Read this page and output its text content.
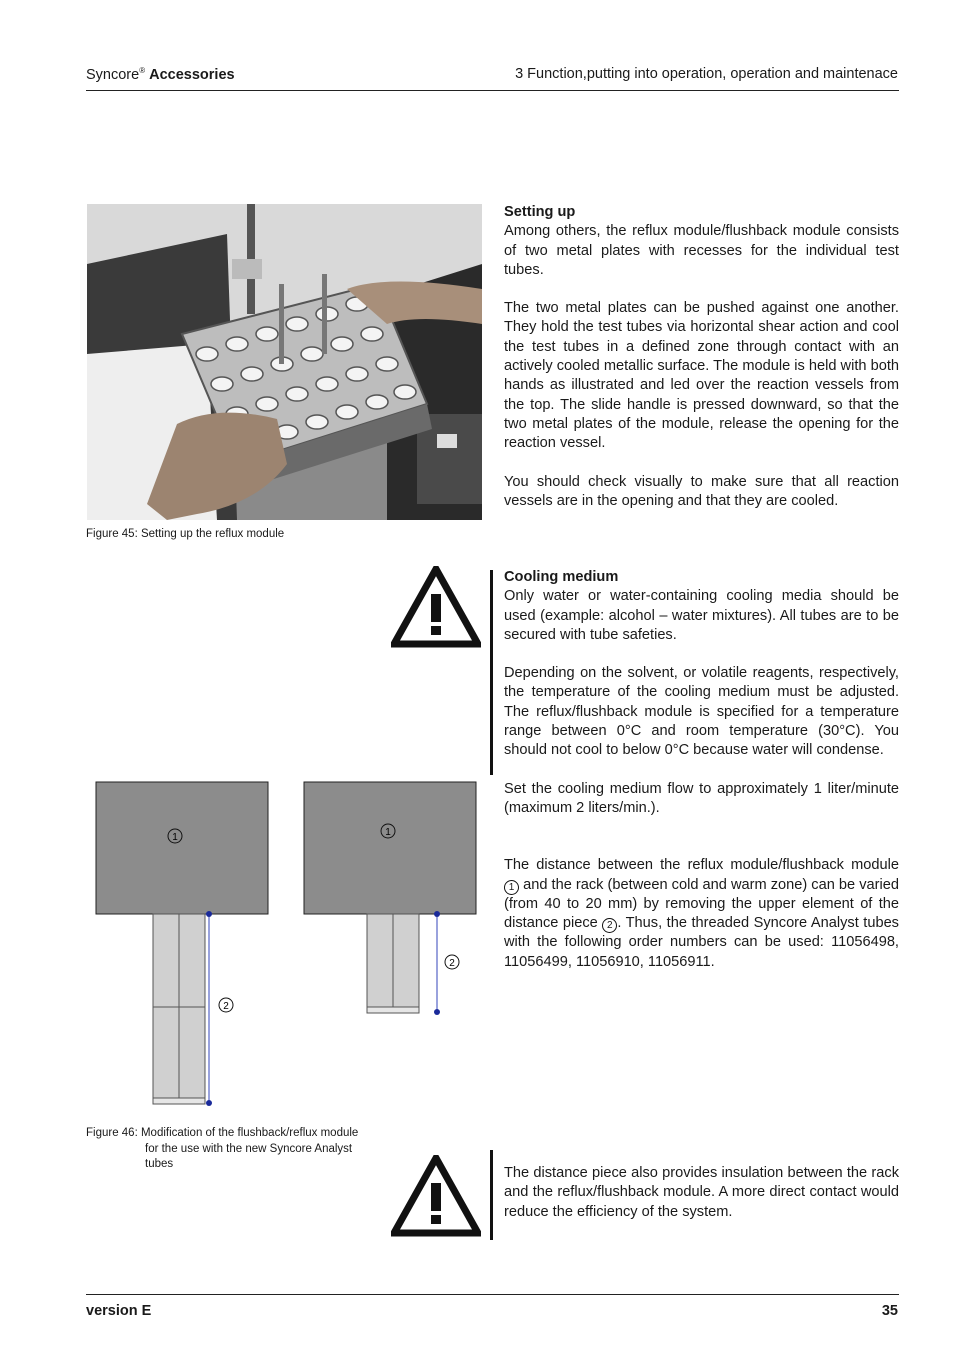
Syncore® Accessories	3 Function,putting into operation, operation and maintenace

Setting up

Among others, the reflux module/flushback module consists of two metal plates with recesses for the individual test tubes.

The two metal plates can be pushed against one another. They hold the test tubes via horizontal shear action and cool the test tubes in a defined zone through contact with an actively cooled metallic surface. The module is held with both hands as illustrated and led over the reaction vessels from the top. The slide handle is pressed downward, so that the two metal plates of the module, release the opening for the reaction vessel.

You should check visually to make sure that all reaction vessels are in the opening and that they are cooled.

Figure 45: Setting up the reflux module

Cooling medium

Only water or water-containing cooling media should be used (example: alcohol – water mixtures). All tubes are to be secured with tube safeties.

Depending on the solvent, or volatile reagents, respectively, the temperature of the cooling medium must be adjusted. The reflux/flushback module is specified for a temperature range between 0°C and room temperature (30°C). You should not cool to below 0°C because water will condense.

Set the cooling medium flow to approximately 1 liter/minute (maximum 2 liters/min.).

The distance between the reflux module/flushback module 1 and the rack (between cold and warm zone) can be varied (from 40 to 20 mm) by removing the upper element of the distance piece 2 . Thus, the threaded Syncore Analyst tubes with the following order numbers can be used: 11056498, 11056499, 11056910, 11056911.

1	1
2
2
Figure 46: Modification of the flushback/reflux module
for the use with the new Syncore Analyst
tubes

The distance piece also provides insulation between the rack and the reflux/flushback module. A more direct contact would reduce the efficiency of the system.

version E	35
